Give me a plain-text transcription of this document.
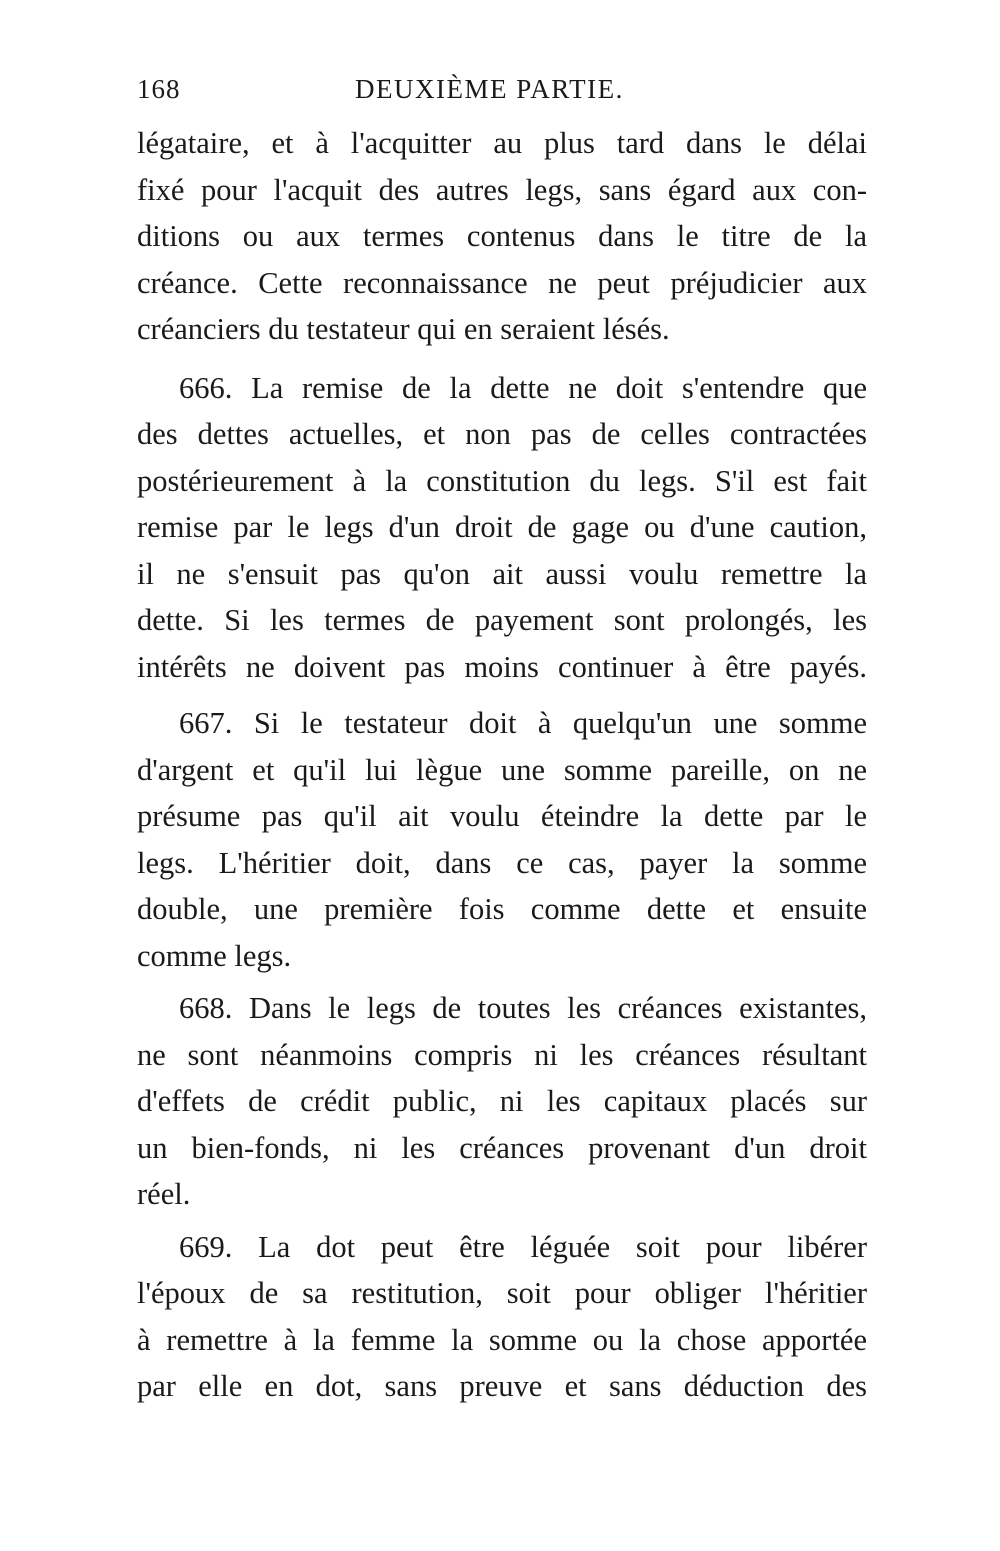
168	DEUXIÈME PARTIE.

légataire, et à l'acquitter au plus tard dans le délai
fixé pour l'acquit des autres legs, sans égard aux con-
ditions ou aux termes contenus dans le titre de la
créance. Cette reconnaissance ne peut préjudicier aux
créanciers du testateur qui en seraient lésés.

666. La remise de la dette ne doit s'entendre que
des dettes actuelles, et non pas de celles contractées
postérieurement à la constitution du legs. S'il est fait
remise par le legs d'un droit de gage ou d'une caution,
il ne s'ensuit pas qu'on ait aussi voulu remettre la
dette. Si les termes de payement sont prolongés, les
intérêts ne doivent pas moins continuer à être payés.

667. Si le testateur doit à quelqu'un une somme
d'argent et qu'il lui lègue une somme pareille, on ne
présume pas qu'il ait voulu éteindre la dette par le
legs. L'héritier doit, dans ce cas, payer la somme
double, une première fois comme dette et ensuite
comme legs.

668. Dans le legs de toutes les créances existantes,
ne sont néanmoins compris ni les créances résultant
d'effets de crédit public, ni les capitaux placés sur
un bien-fonds, ni les créances provenant d'un droit
réel.

669. La dot peut être léguée soit pour libérer
l'époux de sa restitution, soit pour obliger l'héritier
à remettre à la femme la somme ou la chose apportée
par elle en dot, sans preuve et sans déduction des
